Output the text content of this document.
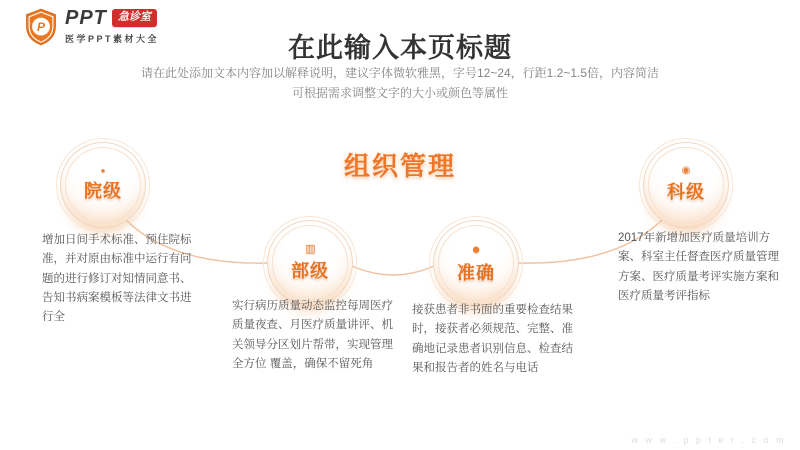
P PPT	急诊室
医学PPT素材大全	在此输入本页标题
请在此处添加文本内容加以解释说明，建议字体微软雅黑，字号12~24，行距1.2~1.5倍，内容简洁
可根据需求调整文字的大小或颜色等属性
组织管理
●
院级
▥
部级
●
准确
◉
科级
增加日间手术标准、预住院标准，并对原由标准中运行有问题的进行修订对知情同意书、告知书病案模板等法律文书进行全
实行病历质量动态监控每周医疗质量夜查、月医疗质量讲评、机关领导分区划片帮带，实现管理全方位 覆盖，确保不留死角
接获患者非书面的重要检查结果时，接获者必须规范、完整、准确地记录患者识别信息、检查结果和报告者的姓名与电话
2017年新增加医疗质量培训方案、科室主任督查医疗质量管理方案、医疗质量考评实施方案和医疗质量考评指标
w w w . p p t e r . c o m
